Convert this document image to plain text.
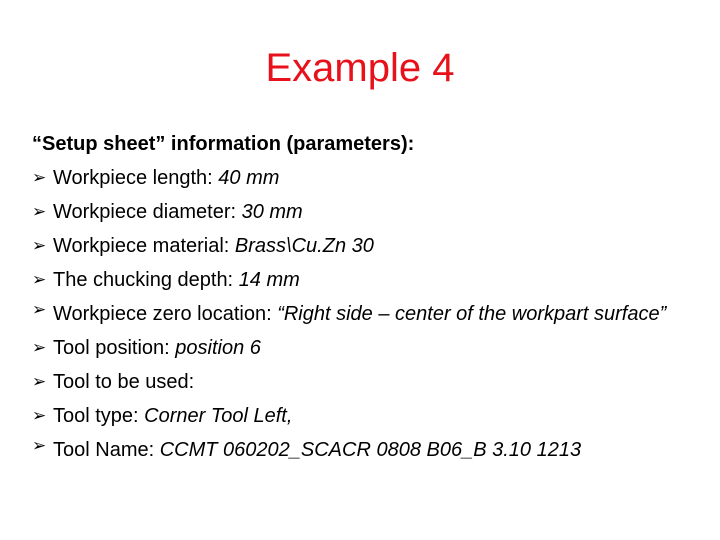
Example 4

“Setup sheet” information (parameters):

➢ Workpiece length: 40 mm
➢ Workpiece diameter: 30 mm
➢ Workpiece material: Brass\Cu.Zn 30
➢ The chucking depth: 14 mm
➢ Workpiece zero location: “Right side – center of the workpart surface”
➢ Tool position: position 6
➢ Tool to be used:
➢ Tool type: Corner Tool Left,
➢ Tool Name: CCMT 060202_SCACR 0808 B06_B 3.10 1213
